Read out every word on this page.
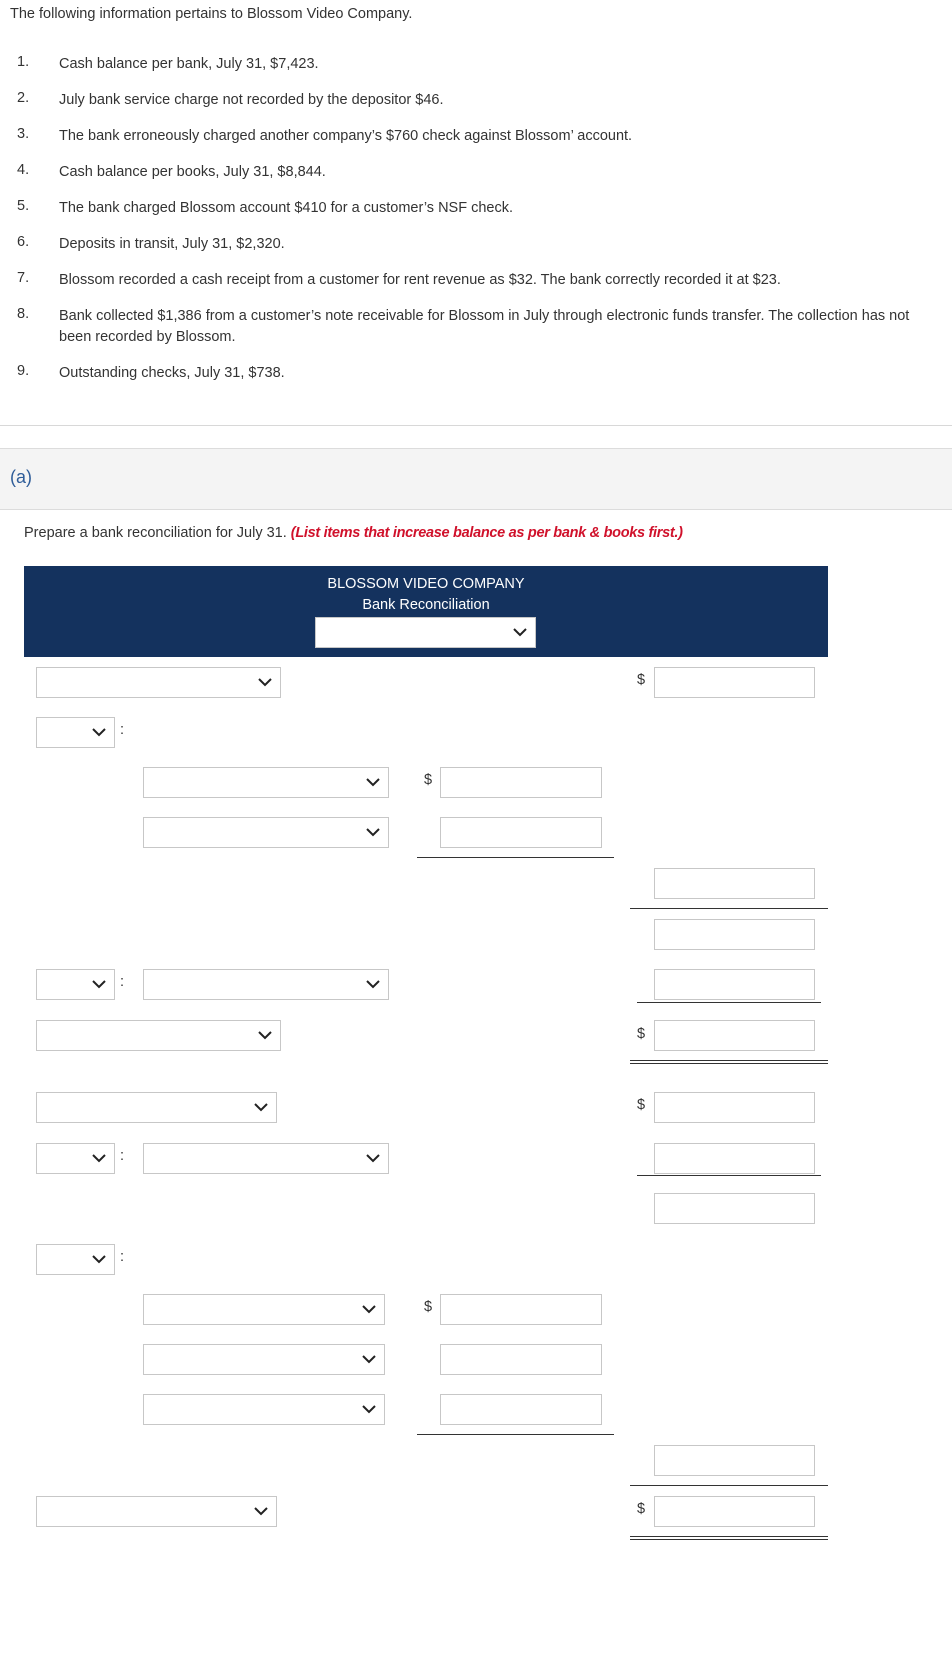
The following information pertains to Blossom Video Company.
1. Cash balance per bank, July 31, $7,423.
2. July bank service charge not recorded by the depositor $46.
3. The bank erroneously charged another company’s $760 check against Blossom’ account.
4. Cash balance per books, July 31, $8,844.
5. The bank charged Blossom account $410 for a customer’s NSF check.
6. Deposits in transit, July 31, $2,320.
7. Blossom recorded a cash receipt from a customer for rent revenue as $32. The bank correctly recorded it at $23.
8. Bank collected $1,386 from a customer’s note receivable for Blossom in July through electronic funds transfer. The collection has not been recorded by Blossom.
9. Outstanding checks, July 31, $738.
(a)
Prepare a bank reconciliation for July 31. (List items that increase balance as per bank & books first.)
BLOSSOM VIDEO COMPANY
Bank Reconciliation
$
:
$
:
$
$
:
:
$
$
